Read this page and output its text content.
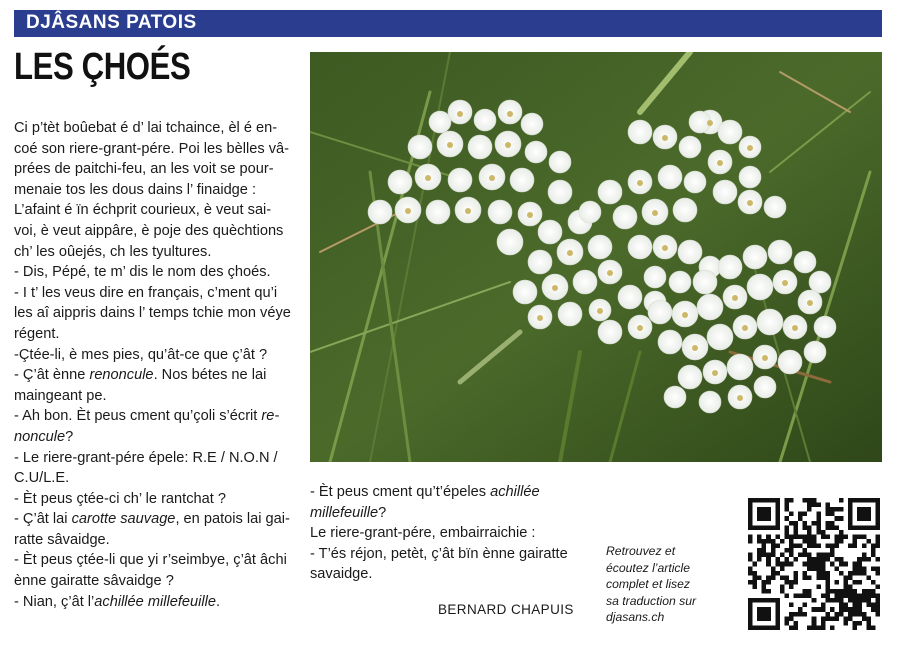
DJÂSANS PATOIS
LES ÇHOÉS

Ci p’tèt boûebat é d’ lai tchaince, èl é en-
coé son riere-grant-pére. Poi les bèlles vâ-
prées de paitchi-feu, an les voit se pour-
menaie tos les dous dains l’ finaidge :
L’afaint é ïn échprit courieux, è veut sai-
voi, è veut aippâre, è poje des quèchtions
ch’ les oûejés, ch les tyultures.

- Dis, Pépé, te m’ dis le nom des çhoés.

- I t’ les veus dire en français, c’ment qu’i
les aî aippris dains l’ temps tchie mon véye
régent.

-Çtée-li, è mes pies, qu’ât-ce que ç’ât ?

- Ç’ât ènne renoncule. Nos bétes ne lai
maingeant pe.

- Ah bon. Èt peus cment qu’çoli s’écrit re-
noncule?

- Le riere-grant-pére épele: R.E / N.O.N /
C.U/L.E.

- Èt peus çtée-ci ch’ le rantchat ?

- Ç’ât lai carotte sauvage, en patois lai gai-
ratte sâvaidge.

- Èt peus çtée-li que yi r’seimbye, ç’ât âchi
ènne gairatte sâvaidge ?

- Nian, ç’ât l’achillée millefeuille.

- Èt peus cment qu’t’épeles achillée
millefeuille?

Le riere-grant-pére, embairraichie :

- T’és réjon, petèt, ç’ât bïn ènne gairatte
savaidge.

BERNARD CHAPUIS
Retrouvez et
écoutez l’article
complet et lisez
sa traduction sur
djasans.ch
